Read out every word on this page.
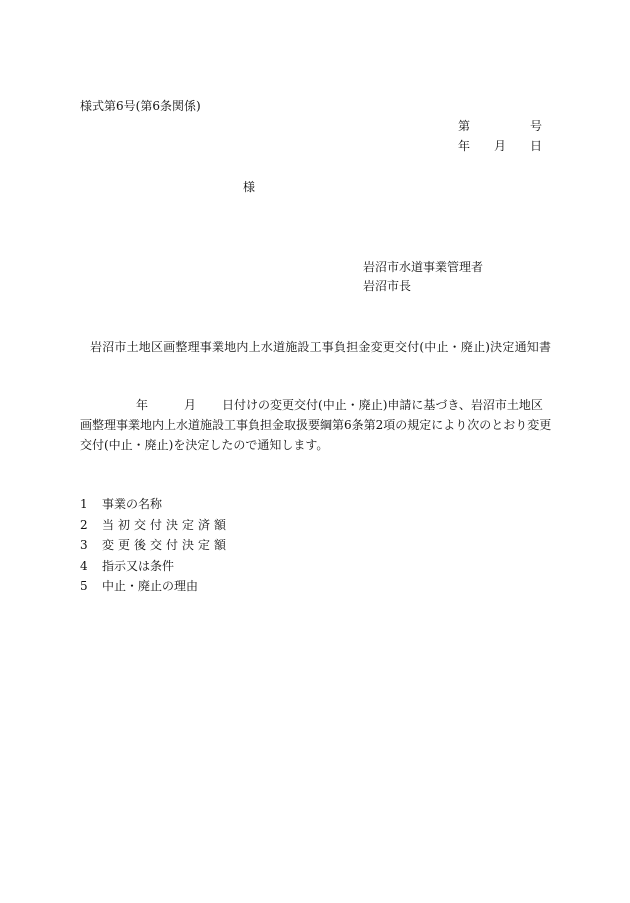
様式第6号(第6条関係)
第	号
年 月 日
様
岩沼市水道事業管理者
岩沼市長
岩沼市土地区画整理事業地内上水道施設工事負担金変更交付(中止・廃止)決定通知書
年	月 日付けの変更交付(中止・廃止)申請に基づき、岩沼市土地区
画整理事業地内上水道施設工事負担金取扱要綱第6条第2項の規定により次のとおり変更
交付(中止・廃止)を決定したので通知します。
1	事業の名称
2	当初交付決定済額
3	変更後交付決定額
4	指示又は条件
5	中止・廃止の理由
